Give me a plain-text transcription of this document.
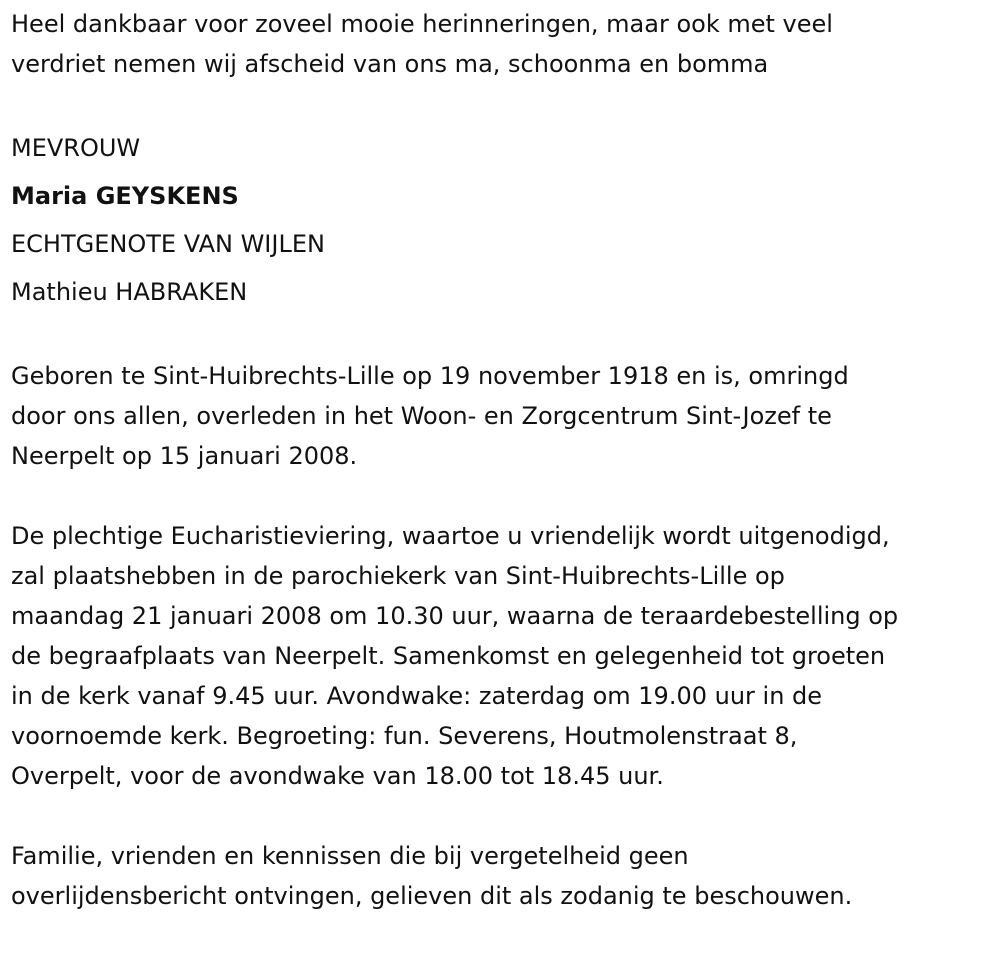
Heel dankbaar voor zoveel mooie herinneringen, maar ook met veel
verdriet nemen wij afscheid van ons ma, schoonma en bomma

MEVROUW
Maria GEYSKENS
ECHTGENOTE VAN WIJLEN
Mathieu HABRAKEN

Geboren te Sint-Huibrechts-Lille op 19 november 1918 en is, omringd
door ons allen, overleden in het Woon- en Zorgcentrum Sint-Jozef te
Neerpelt op 15 januari 2008.

De plechtige Eucharistieviering, waartoe u vriendelijk wordt uitgenodigd,
zal plaatshebben in de parochiekerk van Sint-Huibrechts-Lille op
maandag 21 januari 2008 om 10.30 uur, waarna de teraardebestelling op
de begraafplaats van Neerpelt. Samenkomst en gelegenheid tot groeten
in de kerk vanaf 9.45 uur. Avondwake: zaterdag om 19.00 uur in de
voornoemde kerk. Begroeting: fun. Severens, Houtmolenstraat 8,
Overpelt, voor de avondwake van 18.00 tot 18.45 uur.

Familie, vrienden en kennissen die bij vergetelheid geen
overlijdensbericht ontvingen, gelieven dit als zodanig te beschouwen.
